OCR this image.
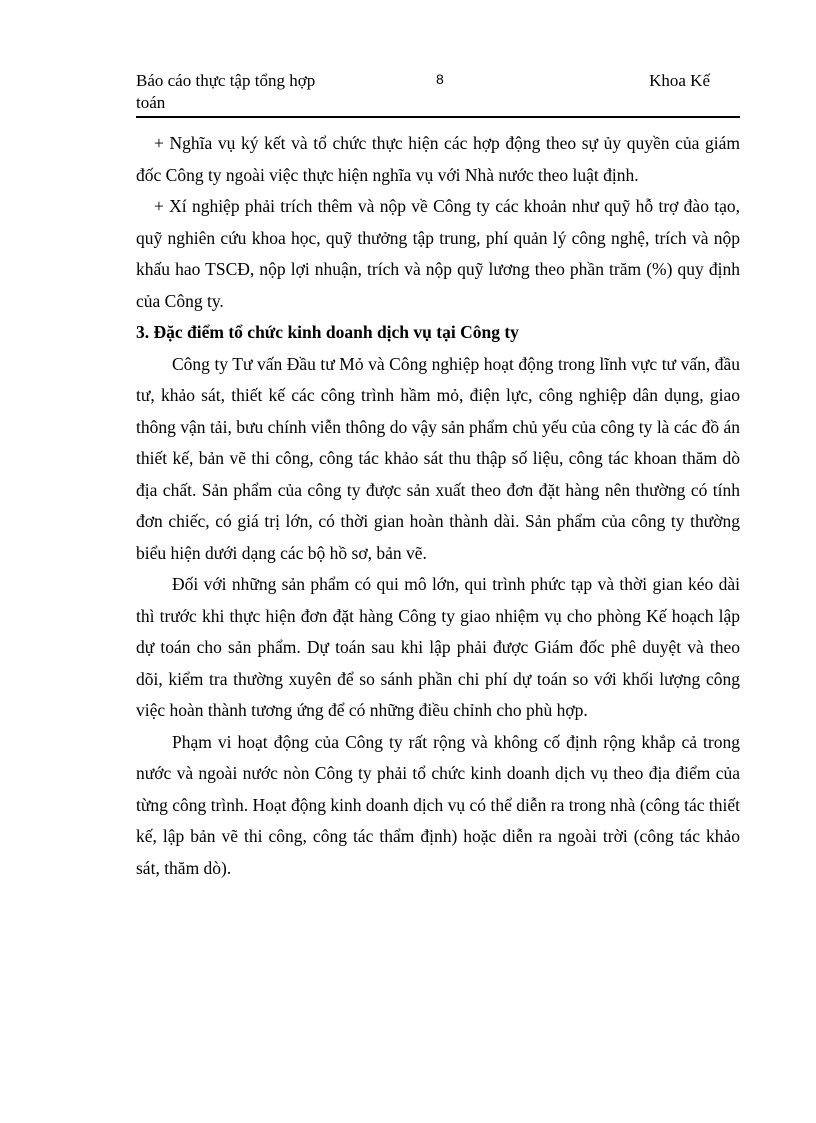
Báo cáo thực tập tổng hợp
toán
8	Khoa Kế

+ Nghĩa vụ ký kết và tổ chức thực hiện các hợp động theo sự ủy quyền của giám đốc Công ty ngoài việc thực hiện nghĩa vụ với Nhà nước theo luật định.

+ Xí nghiệp phải trích thêm và nộp về Công ty các khoản như quỹ hỗ trợ đào tạo, quỹ nghiên cứu khoa học, quỹ thưởng tập trung, phí quản lý công nghệ, trích và nộp khấu hao TSCĐ, nộp lợi nhuận, trích và nộp quỹ lương theo phần trăm (%) quy định của Công ty.

3. Đặc điểm tổ chức kinh doanh dịch vụ tại Công ty

Công ty Tư vấn Đầu tư Mỏ và Công nghiệp hoạt động trong lĩnh vực tư vấn, đầu tư, khảo sát, thiết kế các công trình hầm mỏ, điện lực, công nghiệp dân dụng, giao thông vận tải, bưu chính viễn thông do vậy sản phẩm chủ yếu của công ty là các đồ án thiết kế, bản vẽ thi công, công tác khảo sát thu thập số liệu, công tác khoan thăm dò địa chất. Sản phẩm của công ty được sản xuất theo đơn đặt hàng nên thường có tính đơn chiếc, có giá trị lớn, có thời gian hoàn thành dài. Sản phẩm của công ty thường biểu hiện dưới dạng các bộ hồ sơ, bản vẽ.

Đối với những sản phẩm có qui mô lớn, qui trình phức tạp và thời gian kéo dài thì trước khi thực hiện đơn đặt hàng Công ty giao nhiệm vụ cho phòng Kế hoạch lập dự toán cho sản phẩm. Dự toán sau khi lập phải được Giám đốc phê duyệt và theo dõi, kiểm tra thường xuyên để so sánh phần chi phí dự toán so với khối lượng công việc hoàn thành tương ứng để có những điều chỉnh cho phù hợp.

Phạm vi hoạt động của Công ty rất rộng và không cố định rộng khắp cả trong nước và ngoài nước nòn Công ty phải tổ chức kinh doanh dịch vụ theo địa điểm của từng công trình. Hoạt động kinh doanh dịch vụ có thể diễn ra trong nhà (công tác thiết kế, lập bản vẽ thi công, công tác thẩm định) hoặc diễn ra ngoài trời (công tác khảo sát, thăm dò).
